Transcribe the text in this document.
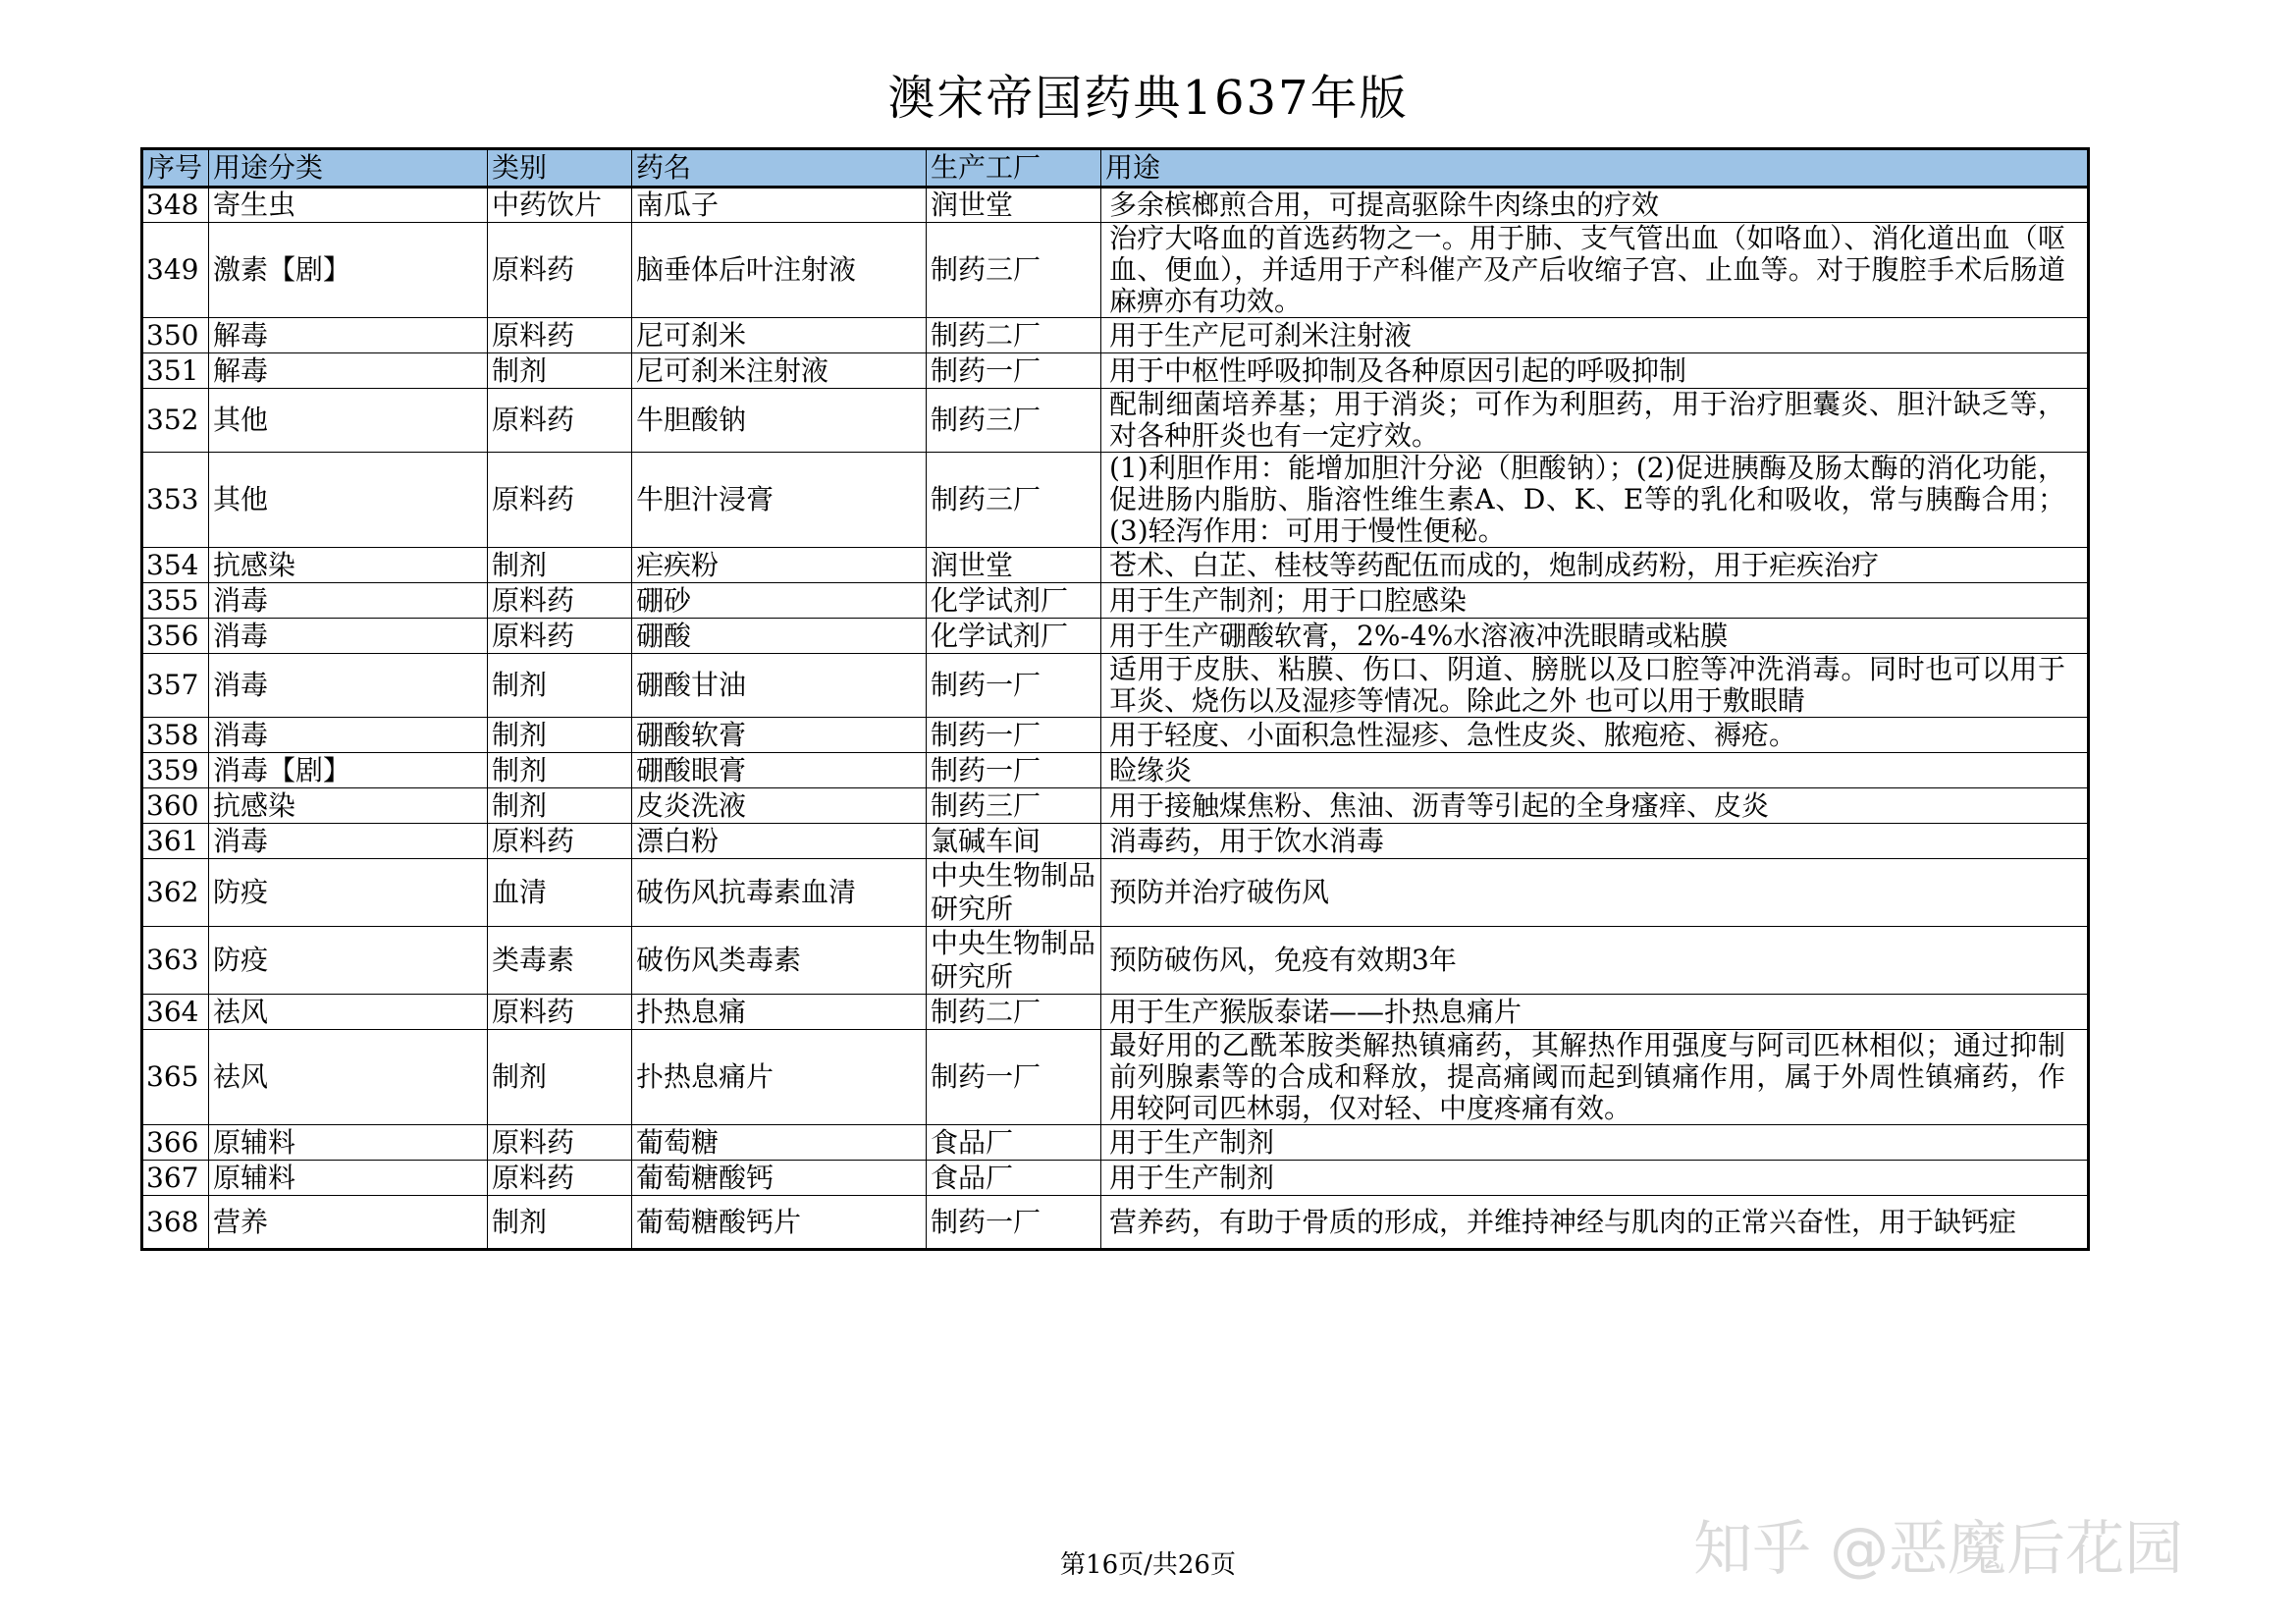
澳宋帝国药典1637年版
序号	用途分类	类别	药名	生产工厂	用途
348	寄生虫	中药饮片	南瓜子	润世堂	多余槟榔煎合用，可提高驱除牛肉绦虫的疗效
349	激素【剧】	原料药	脑垂体后叶注射液	制药三厂	治疗大咯血的首选药物之一。用于肺、支气管出血（如咯血）、消化道出血（呕血、便血），并适用于产科催产及产后收缩子宫、止血等。对于腹腔手术后肠道麻痹亦有功效。
350	解毒	原料药	尼可刹米	制药二厂	用于生产尼可刹米注射液
351	解毒	制剂	尼可刹米注射液	制药一厂	用于中枢性呼吸抑制及各种原因引起的呼吸抑制
352	其他	原料药	牛胆酸钠	制药三厂	配制细菌培养基；用于消炎；可作为利胆药，用于治疗胆囊炎、胆汁缺乏等，对各种肝炎也有一定疗效。
353	其他	原料药	牛胆汁浸膏	制药三厂	(1)利胆作用：能增加胆汁分泌（胆酸钠）；(2)促进胰酶及肠太酶的消化功能，促进肠内脂肪、脂溶性维生素A、D、K、E等的乳化和吸收，常与胰酶合用；(3)轻泻作用：可用于慢性便秘。
354	抗感染	制剂	疟疾粉	润世堂	苍术、白芷、桂枝等药配伍而成的，炮制成药粉，用于疟疾治疗
355	消毒	原料药	硼砂	化学试剂厂	用于生产制剂；用于口腔感染
356	消毒	原料药	硼酸	化学试剂厂	用于生产硼酸软膏，2%-4%水溶液冲洗眼睛或粘膜
357	消毒	制剂	硼酸甘油	制药一厂	适用于皮肤、粘膜、伤口、阴道、膀胱以及口腔等冲洗消毒。同时也可以用于耳炎、烧伤以及湿疹等情况。除此之外 也可以用于敷眼睛
358	消毒	制剂	硼酸软膏	制药一厂	用于轻度、小面积急性湿疹、急性皮炎、脓疱疮、褥疮。
359	消毒【剧】	制剂	硼酸眼膏	制药一厂	睑缘炎
360	抗感染	制剂	皮炎洗液	制药三厂	用于接触煤焦粉、焦油、沥青等引起的全身瘙痒、皮炎
361	消毒	原料药	漂白粉	氯碱车间	消毒药，用于饮水消毒
362	防疫	血清	破伤风抗毒素血清	中央生物制品研究所	预防并治疗破伤风
363	防疫	类毒素	破伤风类毒素	中央生物制品研究所	预防破伤风，免疫有效期3年
364	祛风	原料药	扑热息痛	制药二厂	用于生产猴版泰诺——扑热息痛片
365	祛风	制剂	扑热息痛片	制药一厂	最好用的乙酰苯胺类解热镇痛药，其解热作用强度与阿司匹林相似；通过抑制前列腺素等的合成和释放，提高痛阈而起到镇痛作用，属于外周性镇痛药，作用较阿司匹林弱，仅对轻、中度疼痛有效。
366	原辅料	原料药	葡萄糖	食品厂	用于生产制剂
367	原辅料	原料药	葡萄糖酸钙	食品厂	用于生产制剂
368	营养	制剂	葡萄糖酸钙片	制药一厂	营养药，有助于骨质的形成，并维持神经与肌肉的正常兴奋性，用于缺钙症
第16页/共26页	知乎 @恶魔后花园
